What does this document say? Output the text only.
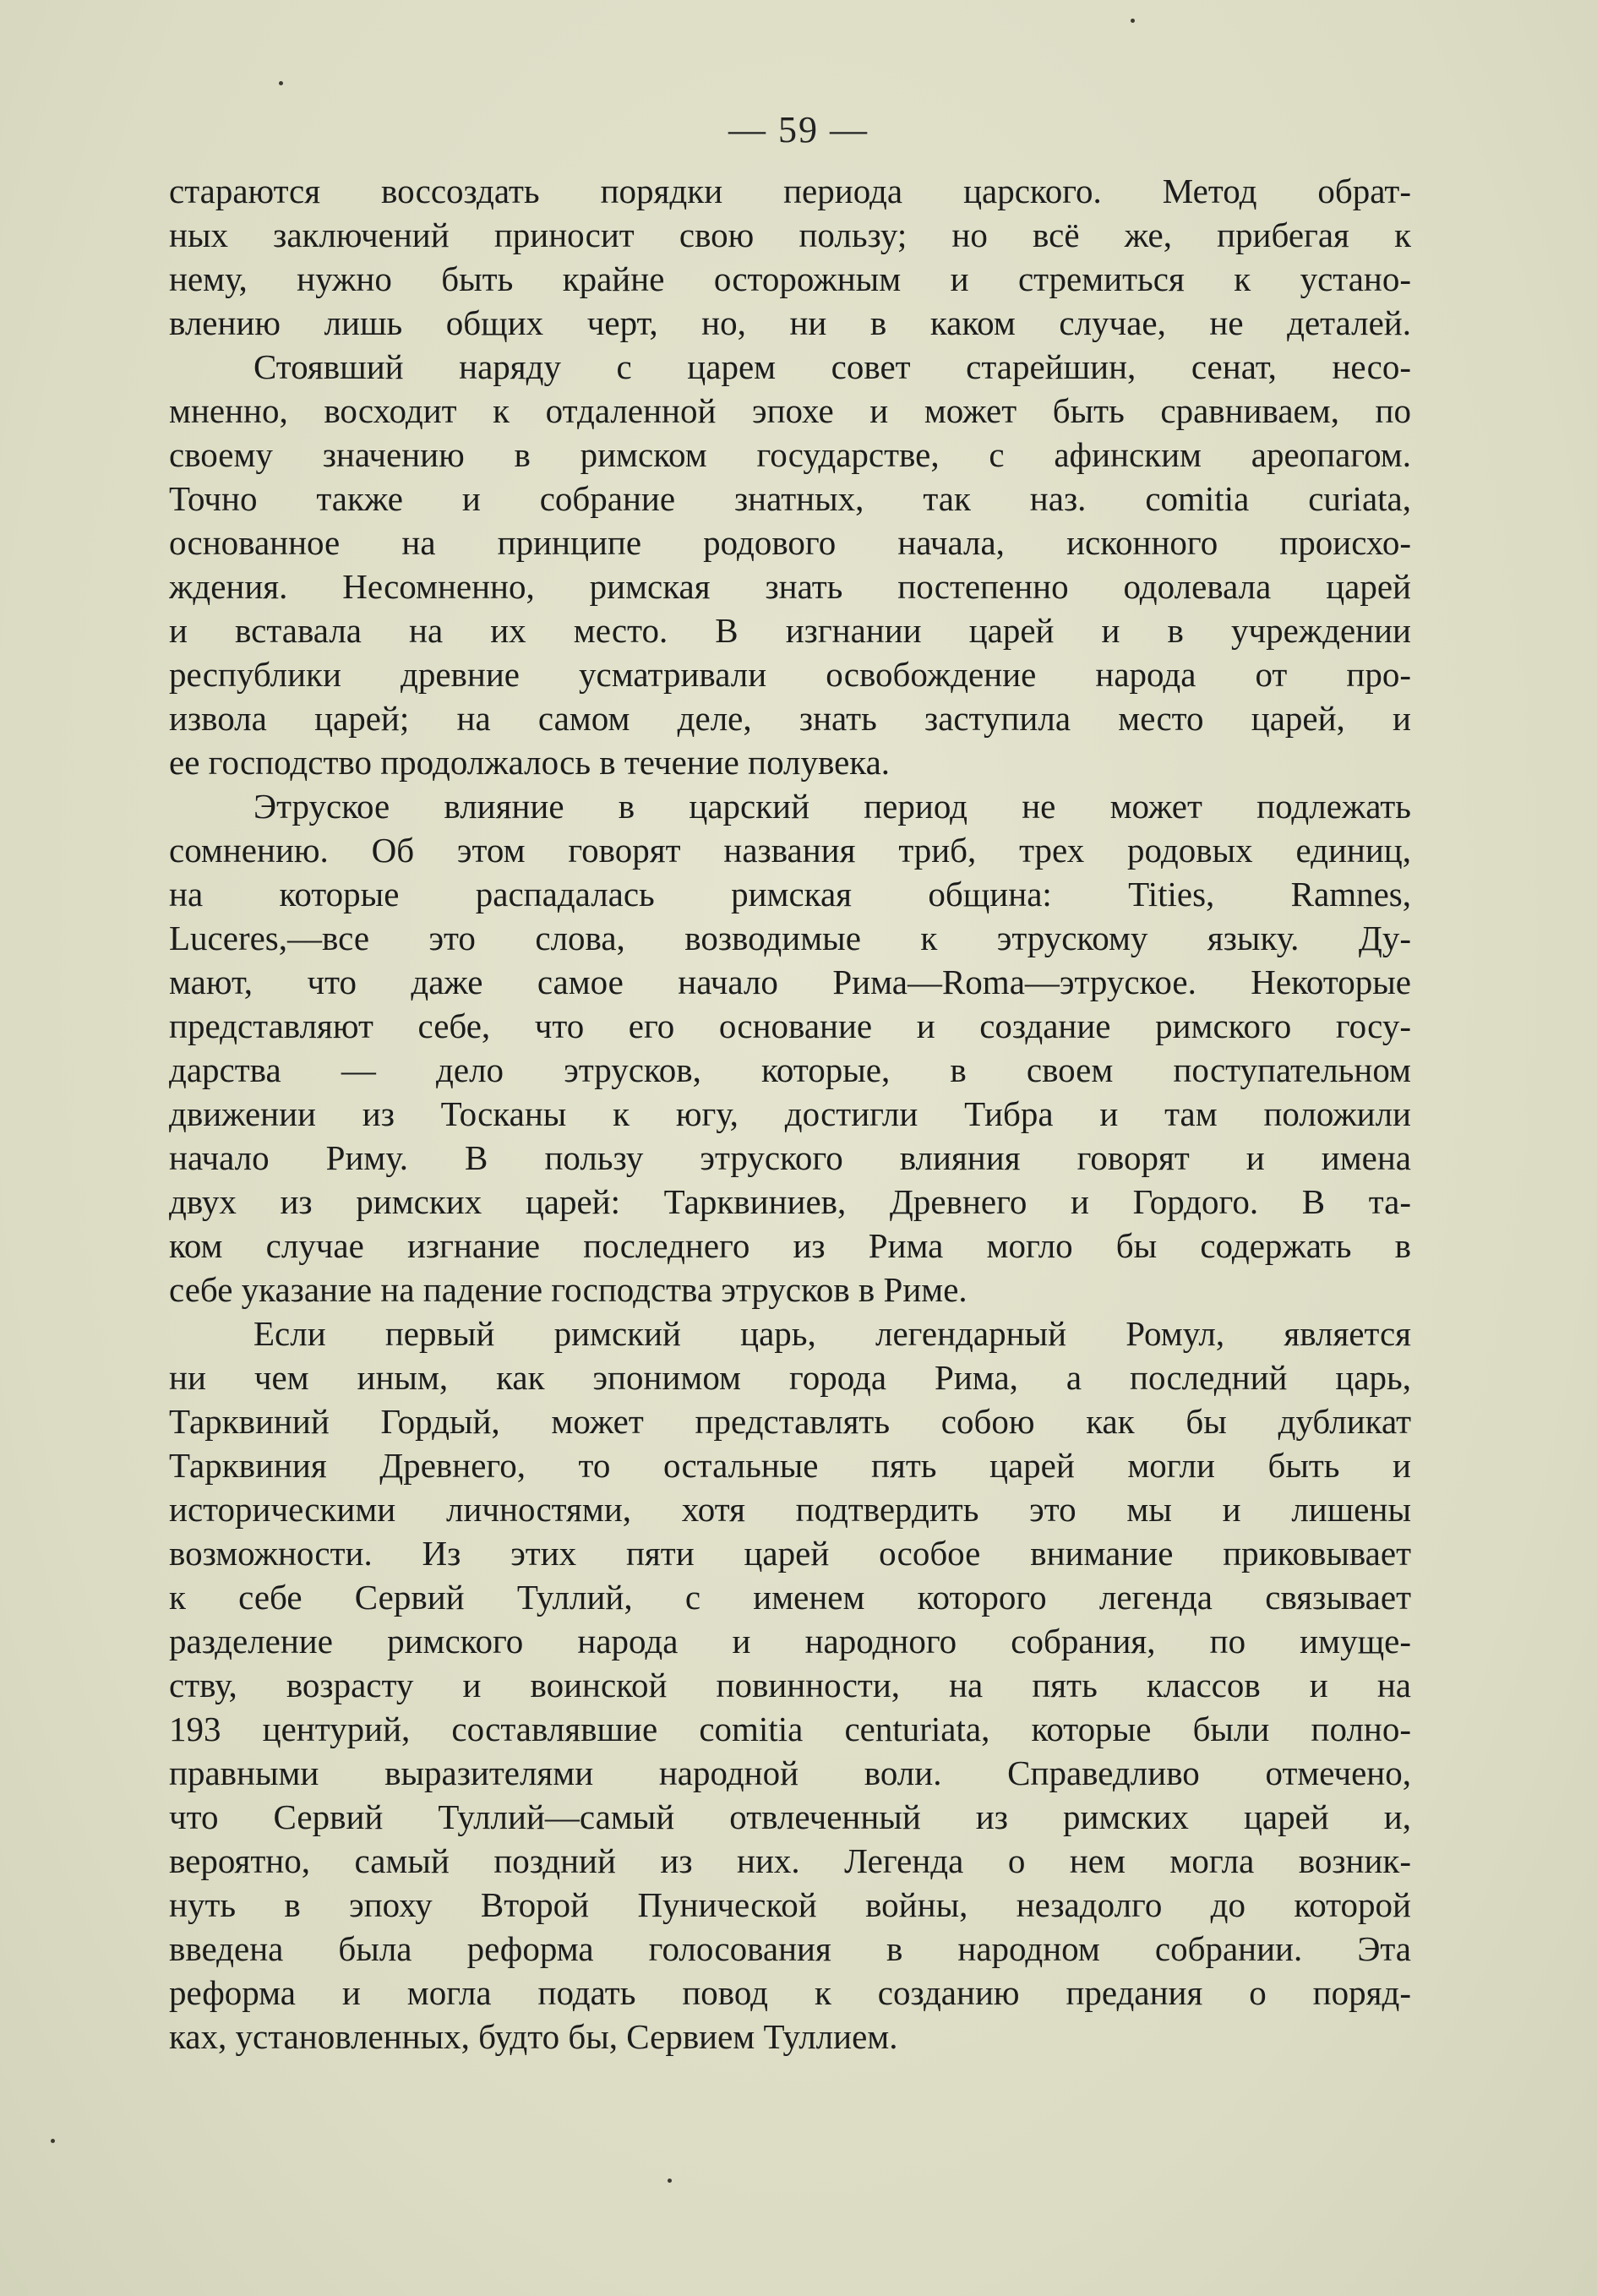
— 59 —
стараются воссоздать порядки периода царского. Метод обрат-
ных заключений приносит свою пользу; но всё же, прибегая к
нему, нужно быть крайне осторожным и стремиться к устано-
влению лишь общих черт, но, ни в каком случае, не деталей.
Стоявший наряду с царем совет старейшин, сенат, несо-
мненно, восходит к отдаленной эпохе и может быть сравниваем, по
своему значению в римском государстве, с афинским ареопагом.
Точно также и собрание знатных, так наз. comitia curiata,
основанное на принципе родового начала, исконного происхо-
ждения. Несомненно, римская знать постепенно одолевала царей
и вставала на их место. В изгнании царей и в учреждении
республики древние усматривали освобождение народа от про-
извола царей; на самом деле, знать заступила место царей, и
ее господство продолжалось в течение полувека.
Этруское влияние в царский период не может подлежать
сомнению. Об этом говорят названия триб, трех родовых единиц,
на которые распадалась римская община: Tities, Ramnes,
Luceres,—все это слова, возводимые к этрускому языку. Ду-
мают, что даже самое начало Рима—Roma—этруское. Некоторые
представляют себе, что его основание и создание римского госу-
дарства — дело этрусков, которые, в своем поступательном
движении из Тосканы к югу, достигли Тибра и там положили
начало Риму. В пользу этруского влияния говорят и имена
двух из римских царей: Тарквиниев, Древнего и Гордого. В та-
ком случае изгнание последнего из Рима могло бы содержать в
себе указание на падение господства этрусков в Риме.
Если первый римский царь, легендарный Ромул, является
ни чем иным, как эпонимом города Рима, а последний царь,
Тарквиний Гордый, может представлять собою как бы дубликат
Тарквиния Древнего, то остальные пять царей могли быть и
историческими личностями, хотя подтвердить это мы и лишены
возможности. Из этих пяти царей особое внимание приковывает
к себе Сервий Туллий, с именем которого легенда связывает
разделение римского народа и народного собрания, по имуще-
ству, возрасту и воинской повинности, на пять классов и на
193 центурий, составлявшие comitia centuriata, которые были полно-
правными выразителями народной воли. Справедливо отмечено,
что Сервий Туллий—самый отвлеченный из римских царей и,
вероятно, самый поздний из них. Легенда о нем могла возник-
нуть в эпоху Второй Пунической войны, незадолго до которой
введена была реформа голосования в народном собрании. Эта
реформа и могла подать повод к созданию предания о поряд-
ках, установленных, будто бы, Сервием Туллием.
